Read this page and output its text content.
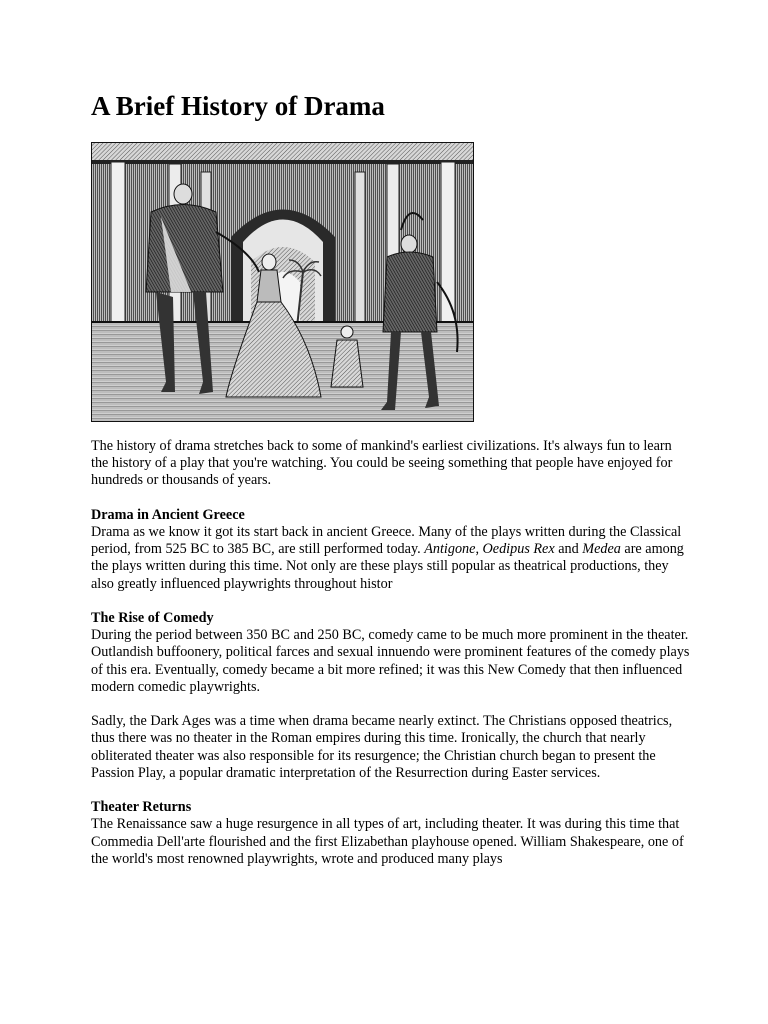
A Brief History of Drama

The history of drama stretches back to some of mankind's earliest civilizations. It's always fun to learn the history of a play that you're watching. You could be seeing something that people have enjoyed for hundreds or thousands of years.

Drama in Ancient Greece
Drama as we know it got its start back in ancient Greece. Many of the plays written during the Classical period, from 525 BC to 385 BC, are still performed today. Antigone, Oedipus Rex and Medea are among the plays written during this time. Not only are these plays still popular as theatrical productions, they also greatly influenced playwrights throughout histor

The Rise of Comedy
During the period between 350 BC and 250 BC, comedy came to be much more prominent in the theater. Outlandish buffoonery, political farces and sexual innuendo were prominent features of the comedy plays of this era. Eventually, comedy became a bit more refined; it was this New Comedy that then influenced modern comedic playwrights.

Sadly, the Dark Ages was a time when drama became nearly extinct. The Christians opposed theatrics, thus there was no theater in the Roman empires during this time. Ironically, the church that nearly obliterated theater was also responsible for its resurgence; the Christian church began to present the Passion Play, a popular dramatic interpretation of the Resurrection during Easter services.

Theater Returns
The Renaissance saw a huge resurgence in all types of art, including theater. It was during this time that Commedia Dell'arte flourished and the first Elizabethan playhouse opened. William Shakespeare, one of the world's most renowned playwrights, wrote and produced many plays
